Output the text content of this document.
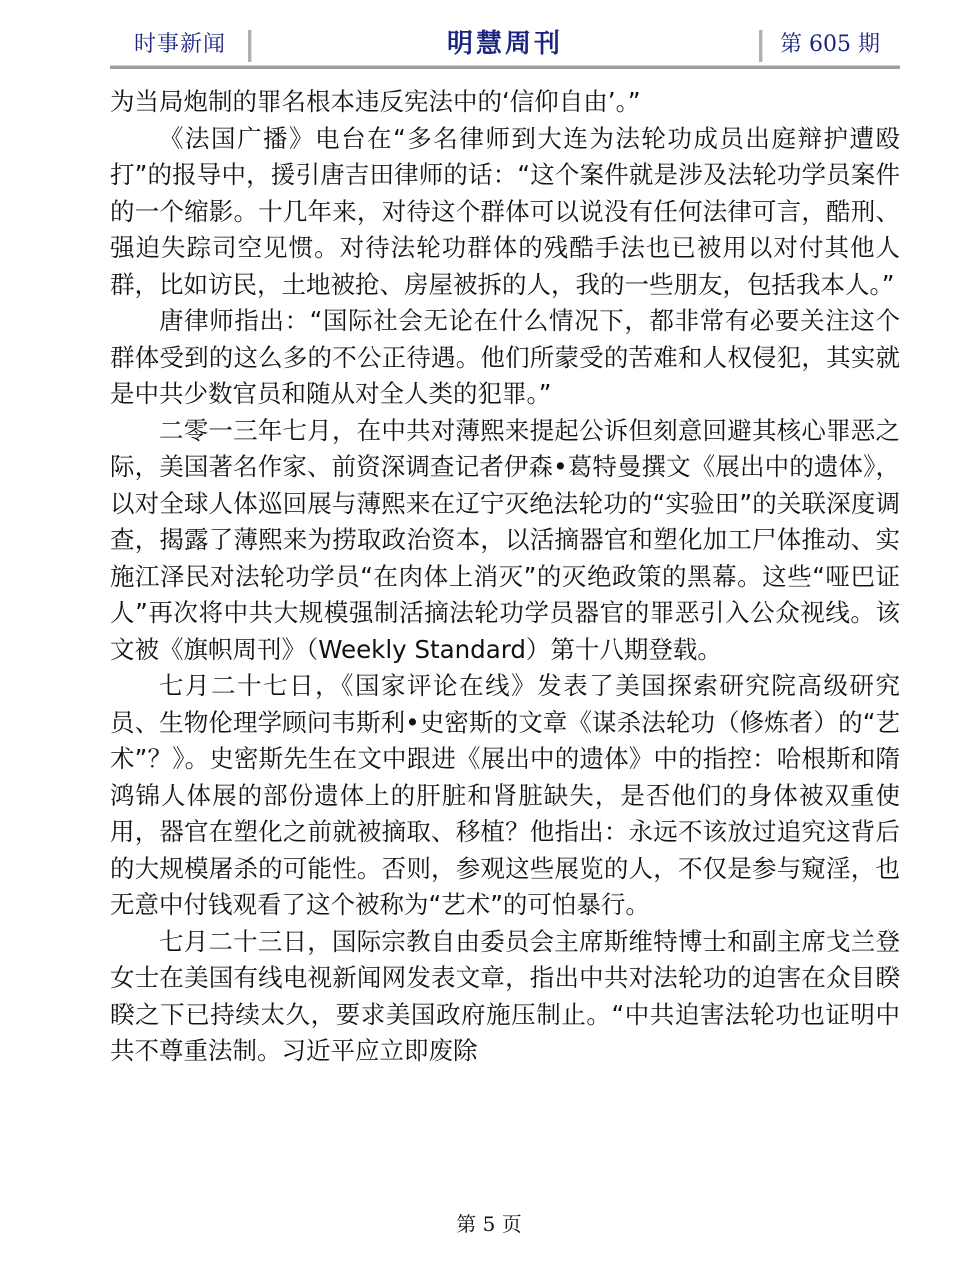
时事新闻	明慧周刊	第 605 期

为当局炮制的罪名根本违反宪法中的‘信仰自由’。”

《法国广播》电台在“多名律师到大连为法轮功成员出庭辩护遭殴打”的报导中，援引唐吉田律师的话：“这个案件就是涉及法轮功学员案件的一个缩影。十几年来，对待这个群体可以说没有任何法律可言，酷刑、强迫失踪司空见惯。对待法轮功群体的残酷手法也已被用以对付其他人群，比如访民，土地被抢、房屋被拆的人，我的一些朋友，包括我本人。”

唐律师指出：“国际社会无论在什么情况下，都非常有必要关注这个群体受到的这么多的不公正待遇。他们所蒙受的苦难和人权侵犯，其实就是中共少数官员和随从对全人类的犯罪。”

二零一三年七月，在中共对薄熙来提起公诉但刻意回避其核心罪恶之际，美国著名作家、前资深调查记者伊森•葛特曼撰文《展出中的遗体》，以对全球人体巡回展与薄熙来在辽宁灭绝法轮功的“实验田”的关联深度调查，揭露了薄熙来为捞取政治资本，以活摘器官和塑化加工尸体推动、实施江泽民对法轮功学员“在肉体上消灭”的灭绝政策的黑幕。这些“哑巴证人”再次将中共大规模强制活摘法轮功学员器官的罪恶引入公众视线。该文被《旗帜周刊》（Weekly Standard）第十八期登载。

七月二十七日，《国家评论在线》发表了美国探索研究院高级研究员、生物伦理学顾问韦斯利•史密斯的文章《谋杀法轮功（修炼者）的“艺术”？》。史密斯先生在文中跟进《展出中的遗体》中的指控：哈根斯和隋鸿锦人体展的部份遗体上的肝脏和肾脏缺失，是否他们的身体被双重使用，器官在塑化之前就被摘取、移植？他指出：永远不该放过追究这背后的大规模屠杀的可能性。否则，参观这些展览的人，不仅是参与窥淫，也无意中付钱观看了这个被称为“艺术”的可怕暴行。

七月二十三日，国际宗教自由委员会主席斯维特博士和副主席戈兰登女士在美国有线电视新闻网发表文章，指出中共对法轮功的迫害在众目睽睽之下已持续太久，要求美国政府施压制止。“中共迫害法轮功也证明中共不尊重法制。习近平应立即废除

第 5 页
